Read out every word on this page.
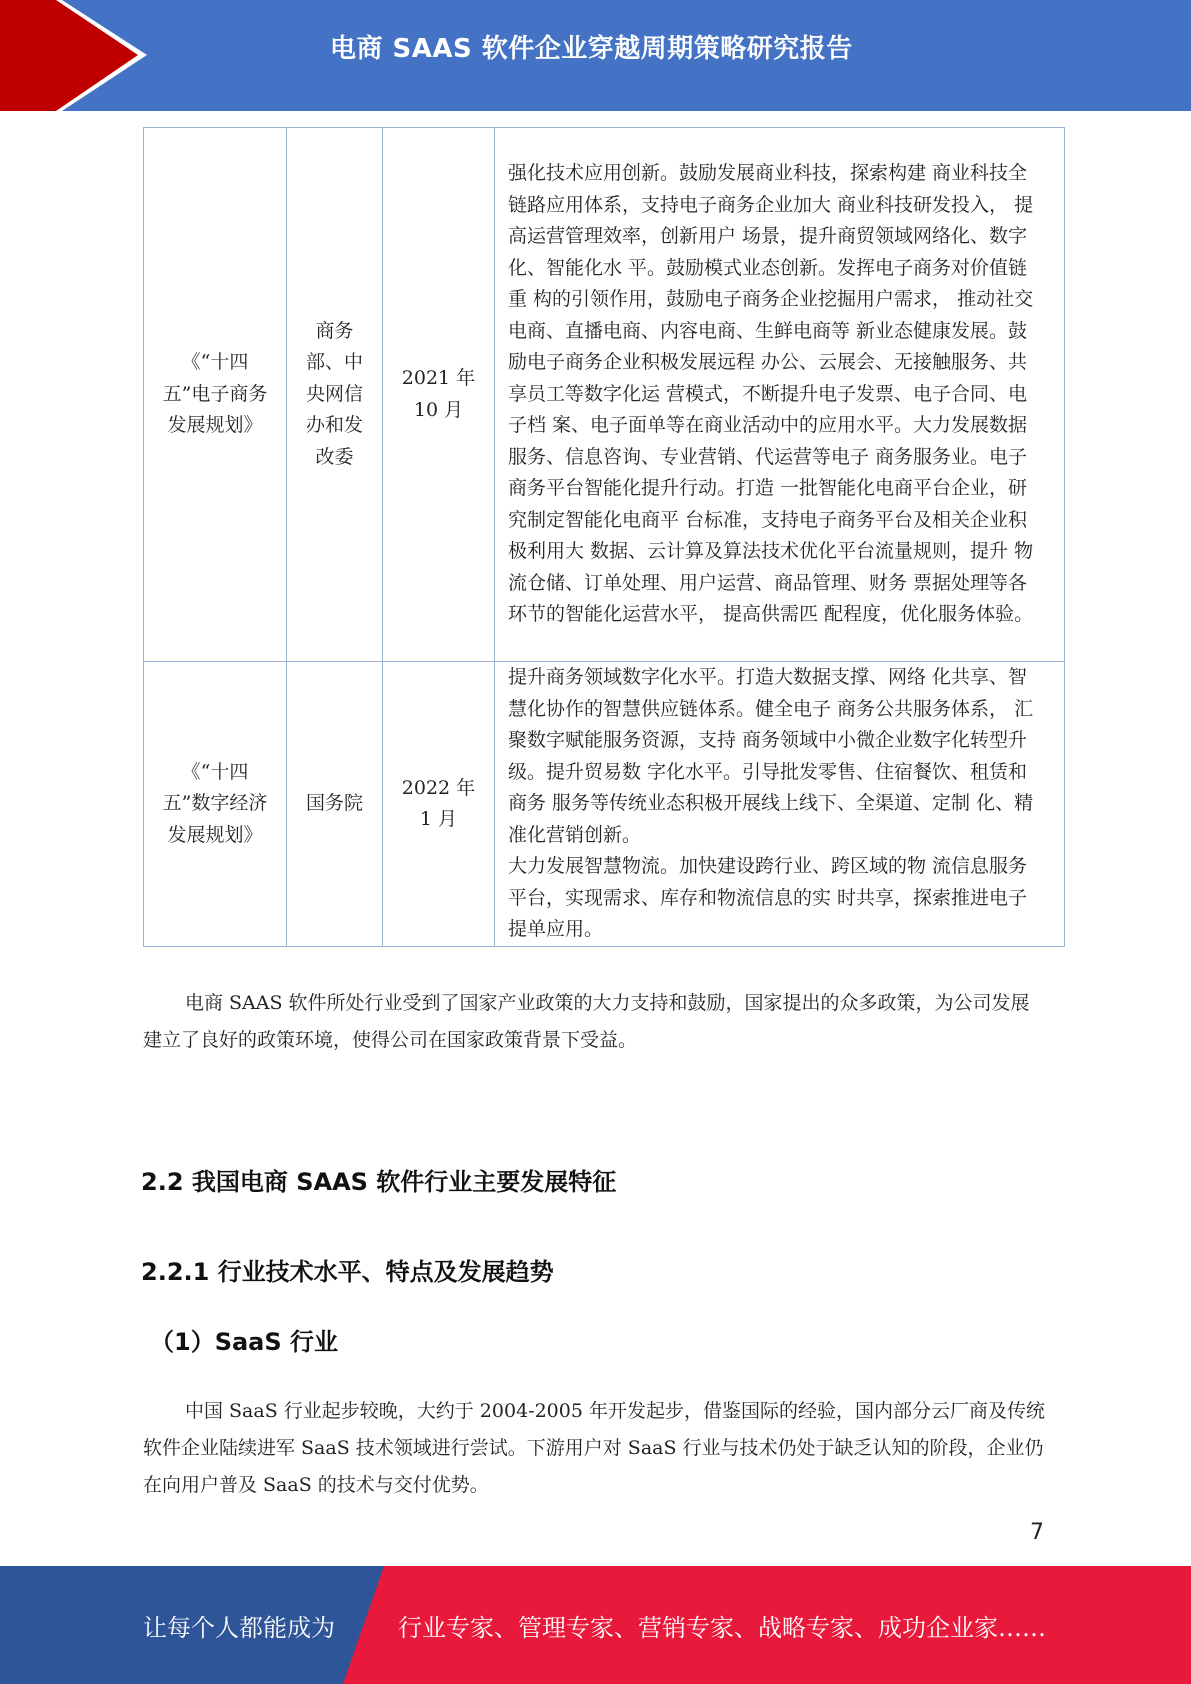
电商 SAAS 软件企业穿越周期策略研究报告
《“十四五”电子商务发展规划》	商务部、中央网信办和发改委	2021 年 10 月	强化技术应用创新。鼓励发展商业科技，探索构建 商业科技全链路应用体系，支持电子商务企业加大 商业科技研发投入， 提高运营管理效率，创新用户 场景，提升商贸领域网络化、数字化、智能化水 平。鼓励模式业态创新。发挥电子商务对价值链重 构的引领作用，鼓励电子商务企业挖掘用户需求， 推动社交电商、直播电商、内容电商、生鲜电商等 新业态健康发展。鼓励电子商务企业积极发展远程 办公、云展会、无接触服务、共享员工等数字化运 营模式，不断提升电子发票、电子合同、电子档 案、电子面单等在商业活动中的应用水平。大力发展数据服务、信息咨询、专业营销、代运营等电子 商务服务业。电子商务平台智能化提升行动。打造 一批智能化电商平台企业，研究制定智能化电商平 台标准，支持电子商务平台及相关企业积极利用大 数据、云计算及算法技术优化平台流量规则，提升 物流仓储、订单处理、用户运营、商品管理、财务 票据处理等各环节的智能化运营水平， 提高供需匹 配程度，优化服务体验。

《“十四五”数字经济发展规划》	国务院	2022 年 1 月	提升商务领域数字化水平。打造大数据支撑、网络 化共享、智慧化协作的智慧供应链体系。健全电子 商务公共服务体系， 汇聚数字赋能服务资源，支持 商务领域中小微企业数字化转型升级。提升贸易数 字化水平。引导批发零售、住宿餐饮、租赁和商务 服务等传统业态积极开展线上线下、全渠道、定制 化、精准化营销创新。

大力发展智慧物流。加快建设跨行业、跨区域的物 流信息服务平台，实现需求、库存和物流信息的实 时共享，探索推进电子提单应用。

电商 SAAS 软件所处行业受到了国家产业政策的大力支持和鼓励，国家提出的众多政策，为公司发展建立了良好的政策环境，使得公司在国家政策背景下受益。

2.2 我国电商 SAAS 软件行业主要发展特征
2.2.1 行业技术水平、特点及发展趋势
（1）SaaS 行业

中国 SaaS 行业起步较晚，大约于 2004-2005 年开发起步，借鉴国际的经验，国内部分云厂商及传统软件企业陆续进军 SaaS 技术领域进行尝试。下游用户对 SaaS 行业与技术仍处于缺乏认知的阶段，企业仍在向用户普及 SaaS 的技术与交付优势。

7
让每个人都能成为	行业专家、管理专家、营销专家、战略专家、成功企业家……
